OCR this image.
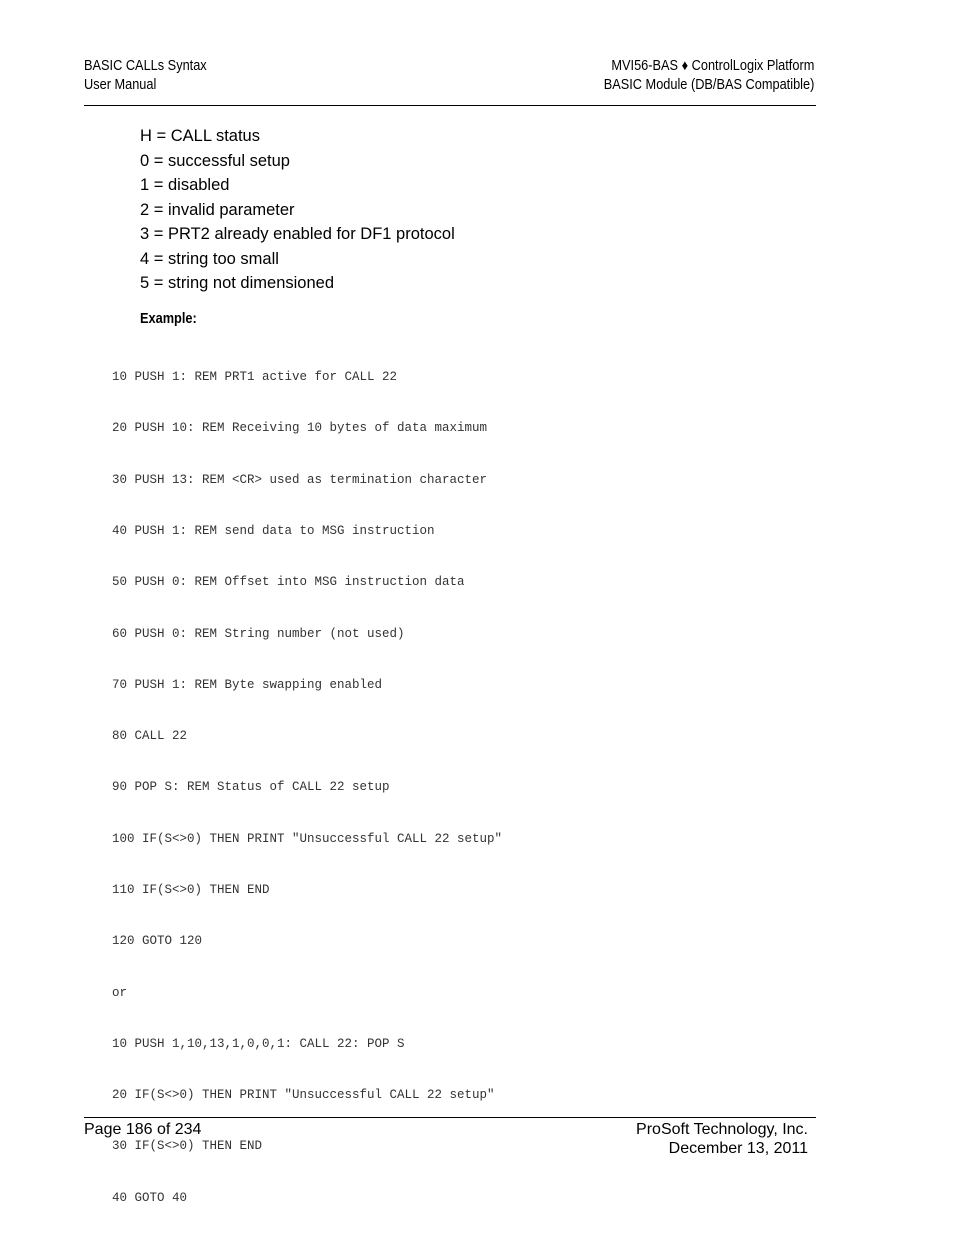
BASIC CALLs Syntax
User Manual
MVI56-BAS ♦ ControlLogix Platform
BASIC Module (DB/BAS Compatible)
H = CALL status
0 = successful setup
1 = disabled
2 = invalid parameter
3 = PRT2 already enabled for DF1 protocol
4 = string too small
5 = string not dimensioned
Example:

10 PUSH 1: REM PRT1 active for CALL 22

20 PUSH 10: REM Receiving 10 bytes of data maximum

30 PUSH 13: REM <CR> used as termination character

40 PUSH 1: REM send data to MSG instruction

50 PUSH 0: REM Offset into MSG instruction data

60 PUSH 0: REM String number (not used)

70 PUSH 1: REM Byte swapping enabled

80 CALL 22

90 POP S: REM Status of CALL 22 setup

100 IF(S<>0) THEN PRINT "Unsuccessful CALL 22 setup"

110 IF(S<>0) THEN END

120 GOTO 120

or

10 PUSH 1,10,13,1,0,0,1: CALL 22: POP S

20 IF(S<>0) THEN PRINT "Unsuccessful CALL 22 setup"

30 IF(S<>0) THEN END

40 GOTO 40

Page 186 of 234	ProSoft Technology, Inc.
December 13, 2011
